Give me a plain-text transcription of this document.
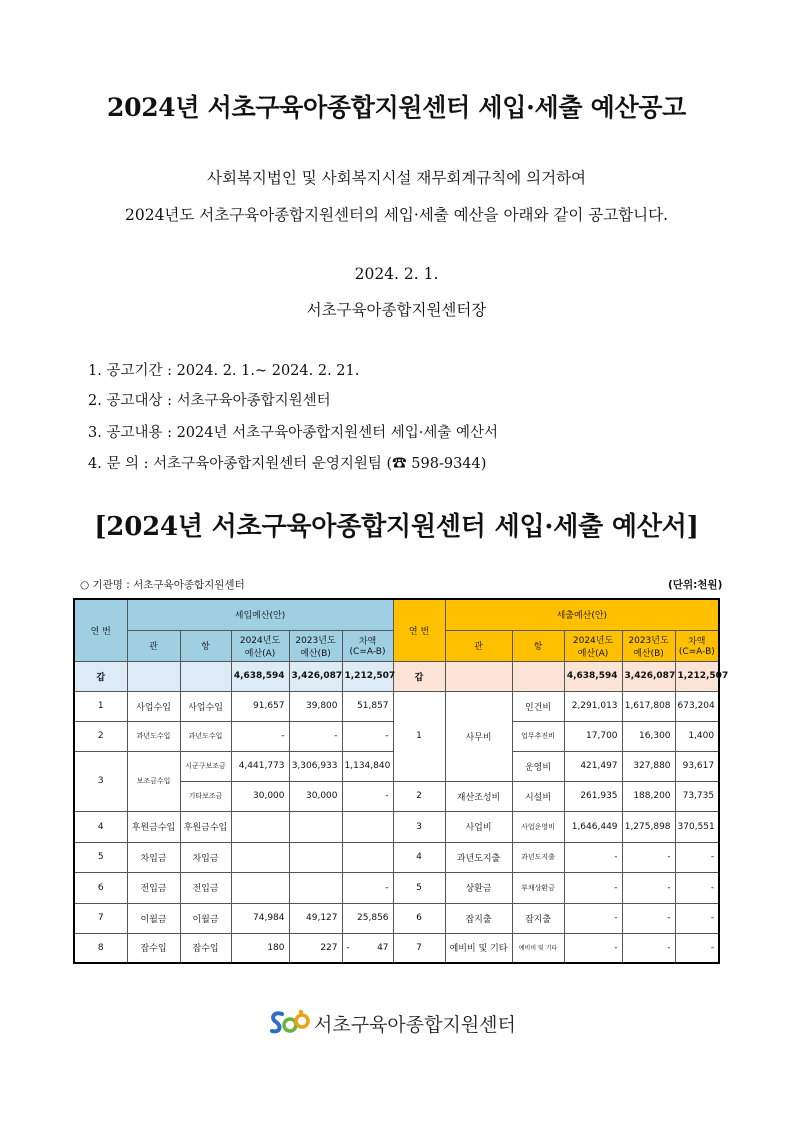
2024년 서초구육아종합지원센터 세입·세출 예산공고
사회복지법인 및 사회복지시설 재무회계규칙에 의거하여
2024년도 서초구육아종합지원센터의 세입·세출 예산을 아래와 같이 공고합니다.
2024. 2. 1.
서초구육아종합지원센터장
1. 공고기간 : 2024. 2. 1.~ 2024. 2. 21.
2. 공고대상 : 서초구육아종합지원센터
3. 공고내용 : 2024년 서초구육아종합지원센터 세입·세출 예산서
4. 문 의 : 서초구육아종합지원센터 운영지원팀 (☎ 598-9344)
[2024년 서초구육아종합지원센터 세입·세출 예산서]
○ 기관명 : 서초구육아종합지원센터	(단위:천원)
연 번	세입예산(안)					연 번	세출예산(안)				
	관	항	2024년도
예산(A)	2023년도
예산(B)	차액
(C=A-B)		관	항	2024년도
예산(A)	2023년도
예산(B)	차액
(C=A-B)
갑			4,638,594	3,426,087	1,212,507	갑			4,638,594	3,426,087	1,212,507
1	사업수입	사업수입	91,657	39,800	51,857	1	사무비	인건비	2,291,013	1,617,808	673,204
2	과년도수입	과년도수입	-	-	-			업무추진비	17,700	16,300	1,400
3	보조금수입	시군구보조금	4,441,773	3,306,933	1,134,840			운영비	421,497	327,880	93,617
		기타보조금	30,000	30,000	-	2	재산조성비	시설비	261,935	188,200	73,735
4	후원금수입	후원금수입				3	사업비	사업운영비	1,646,449	1,275,898	370,551
5	차입금	차입금				4	과년도지출	과년도지출	-	-	-
6	전입금	전입금			-	5	상환금	부채상환금	-	-	-
7	이월금	이월금	74,984	49,127	25,856	6	잡지출	잡지출	-	-	-
8	잡수입	잡수입	180	227	- 47	7	예비비 및 기타	예비비 및 기타	-	-	-
서초구육아종합지원센터
